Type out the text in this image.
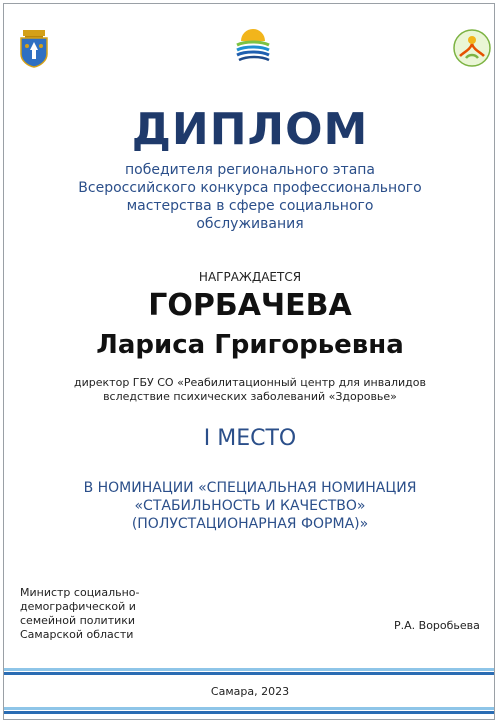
ДИПЛОМ
победителя регионального этапа
Всероссийского конкурса профессионального
мастерства в сфере социального
обслуживания
НАГРАЖДАЕТСЯ
ГОРБАЧЕВА
Лариса Григорьевна
директор ГБУ СО «Реабилитационный центр для инвалидов
вследствие психических заболеваний «Здоровье»
I МЕСТО
В НОМИНАЦИИ «СПЕЦИАЛЬНАЯ НОМИНАЦИЯ
«СТАБИЛЬНОСТЬ И КАЧЕСТВО»
(ПОЛУСТАЦИОНАРНАЯ ФОРМА)»
Министр социально-
демографической и
семейной политики
Самарской области
Р.А. Воробьева
Самара, 2023
